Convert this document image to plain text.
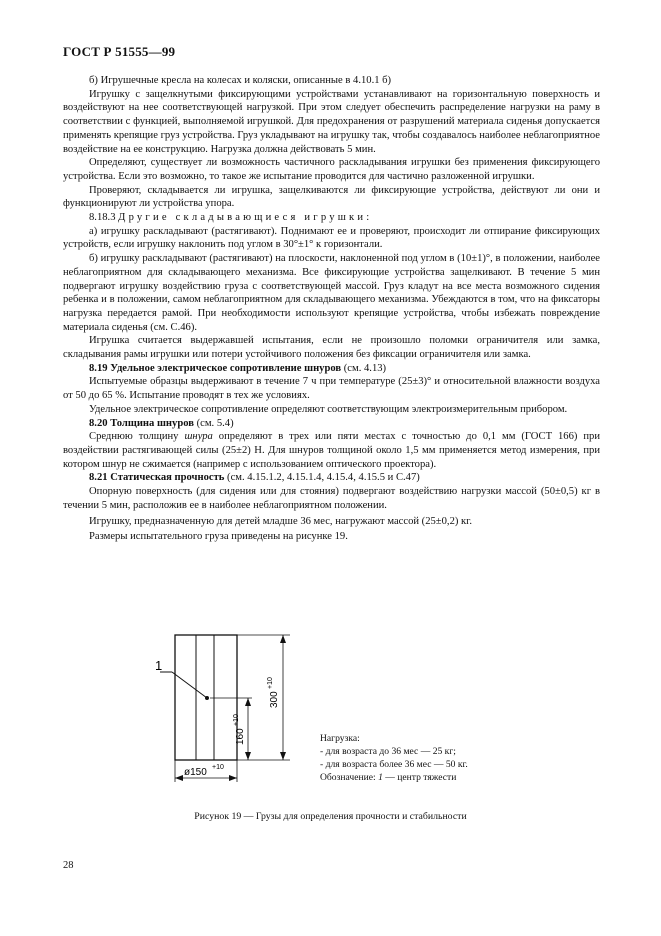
ГОСТ Р 51555—99

б) Игрушечные кресла на колесах и коляски, описанные в 4.10.1 б)

Игрушку с защелкнутыми фиксирующими устройствами устанавливают на горизонтальную поверхность и воздействуют на нее соответствующей нагрузкой. При этом следует обеспечить распределение нагрузки на раму в соответствии с функцией, выполняемой игрушкой. Для предохранения от разрушений материала сиденья допускается применять крепящие груз устройства. Груз укладывают на игрушку так, чтобы создавалось наиболее неблагоприятное воздействие на ее конструкцию. Нагрузка должна действовать 5 мин.

Определяют, существует ли возможность частичного раскладывания игрушки без применения фиксирующего устройства. Если это возможно, то такое же испытание проводится для частично разложенной игрушки.

Проверяют, складывается ли игрушка, защелкиваются ли фиксирующие устройства, действуют ли они и функционируют ли устройства упора.

8.18.3 Другие складывающиеся игрушки:

а) игрушку раскладывают (растягивают). Поднимают ее и проверяют, происходит ли отпирание фиксирующих устройств, если игрушку наклонить под углом в 30°±1° к горизонтали.

б) игрушку раскладывают (растягивают) на плоскости, наклоненной под углом в (10±1)°, в положении, наиболее неблагоприятном для складывающего механизма. Все фиксирующие устройства защелкивают. В течение 5 мин подвергают игрушку воздействию груза с соответствующей массой. Груз кладут на все места возможного сидения ребенка и в положении, самом неблагоприятном для складывающего механизма. Убеждаются в том, что на фиксаторы нагрузка передается рамой. При необходимости используют крепящие устройства, чтобы избежать повреждение материала сиденья (см. С.46).

Игрушка считается выдержавшей испытания, если не произошло поломки ограничителя или замка, складывания рамы игрушки или потери устойчивого положения без фиксации ограничителя или замка.

8.19 Удельное электрическое сопротивление шнуров (см. 4.13)

Испытуемые образцы выдерживают в течение 7 ч при температуре (25±3)° и относительной влажности воздуха от 50 до 65 %. Испытание проводят в тех же условиях.

Удельное электрическое сопротивление определяют соответствующим электроизмерительным прибором.

8.20 Толщина шнуров (см. 5.4)

Среднюю толщину шнура определяют в трех или пяти местах с точностью до 0,1 мм (ГОСТ 166) при воздействии растягивающей силы (25±2) Н. Для шнуров толщиной около 1,5 мм применяется метод измерения, при котором шнур не сжимается (например с использованием оптического проектора).

8.21 Статическая прочность (см. 4.15.1.2, 4.15.1.4, 4.15.4, 4.15.5 и С.47)

Опорную поверхность (для сидения или для стояния) подвергают воздействию нагрузки массой (50±0,5) кг в течении 5 мин, расположив ее в наиболее неблагоприятном положении.

Игрушку, предназначенную для детей младше 36 мес, нагружают массой (25±0,2) кг.

Размеры испытательного груза приведены на рисунке 19.

1
300
+10
160
+10
ø150 +10
Нагрузка:
- для возраста до 36 мес — 25 кг;
- для возраста более 36 мес — 50 кг.
Обозначение: 1 — центр тяжести
Рисунок 19 — Грузы для определения прочности и стабильности
28
